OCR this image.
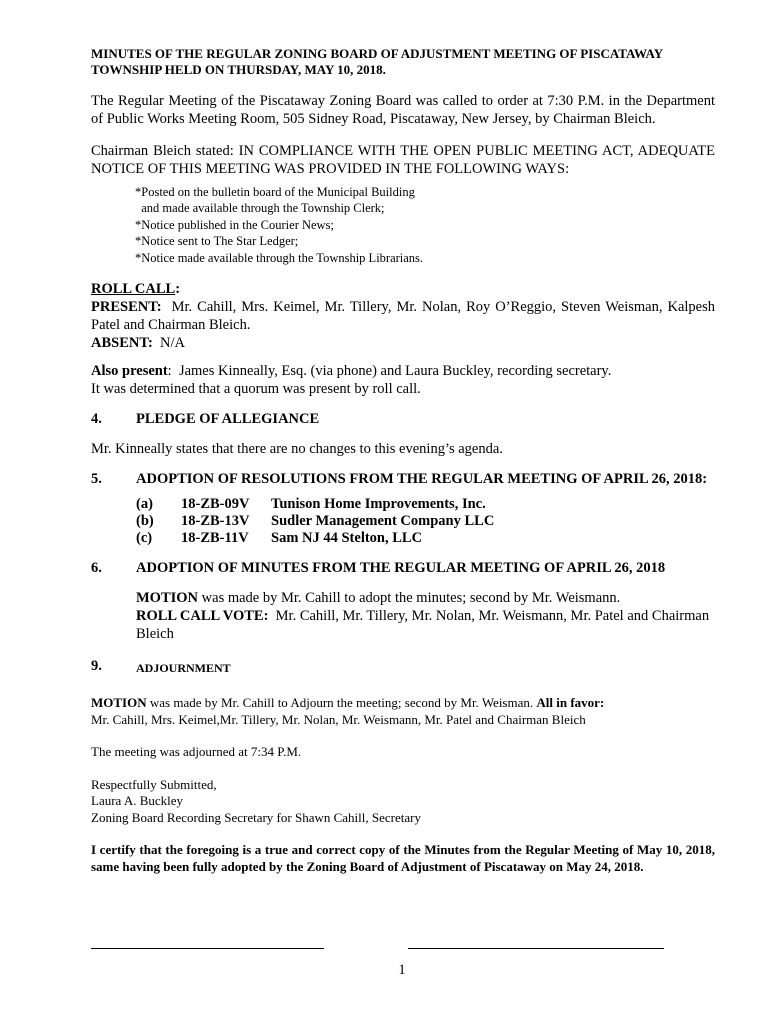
MINUTES OF THE REGULAR ZONING BOARD OF ADJUSTMENT MEETING OF PISCATAWAY TOWNSHIP HELD ON THURSDAY, MAY 10, 2018.

The Regular Meeting of the Piscataway Zoning Board was called to order at 7:30 P.M. in the Department of Public Works Meeting Room, 505 Sidney Road, Piscataway, New Jersey, by Chairman Bleich.

Chairman Bleich stated: IN COMPLIANCE WITH THE OPEN PUBLIC MEETING ACT, ADEQUATE NOTICE OF THIS MEETING WAS PROVIDED IN THE FOLLOWING WAYS:

*Posted on the bulletin board of the Municipal Building
and made available through the Township Clerk;
*Notice published in the Courier News;
*Notice sent to The Star Ledger;
*Notice made available through the Township Librarians.
ROLL CALL:
PRESENT: Mr. Cahill, Mrs. Keimel, Mr. Tillery, Mr. Nolan, Roy O’Reggio, Steven Weisman, Kalpesh Patel and Chairman Bleich.
ABSENT: N/A
Also present:  James Kinneally, Esq. (via phone) and Laura Buckley, recording secretary.
It was determined that a quorum was present by roll call.
4.	PLEDGE OF ALLEGIANCE

Mr. Kinneally states that there are no changes to this evening’s agenda.

5.	ADOPTION OF RESOLUTIONS FROM THE REGULAR MEETING OF APRIL 26, 2018:
(a)	18-ZB-09V	Tunison Home Improvements, Inc.
(b)	18-ZB-13V	Sudler Management Company LLC
(c)	18-ZB-11V	Sam NJ 44 Stelton, LLC
6.	ADOPTION OF MINUTES FROM THE REGULAR MEETING OF APRIL 26, 2018
MOTION was made by Mr. Cahill to adopt the minutes; second by Mr. Weismann.
ROLL CALL VOTE:  Mr. Cahill, Mr. Tillery, Mr. Nolan, Mr. Weismann, Mr. Patel and Chairman Bleich
9.	ADJOURNMENT
MOTION was made by Mr. Cahill to Adjourn the meeting; second by Mr. Weisman. All in favor:
Mr. Cahill, Mrs. Keimel,Mr. Tillery, Mr. Nolan, Mr. Weismann, Mr. Patel and Chairman Bleich

The meeting was adjourned at 7:34 P.M.

Respectfully Submitted,
Laura A. Buckley
Zoning Board Recording Secretary for Shawn Cahill, Secretary

I certify that the foregoing is a true and correct copy of the Minutes from the Regular Meeting of May 10, 2018, same having been fully adopted by the Zoning Board of Adjustment of Piscataway on May 24, 2018.

1
